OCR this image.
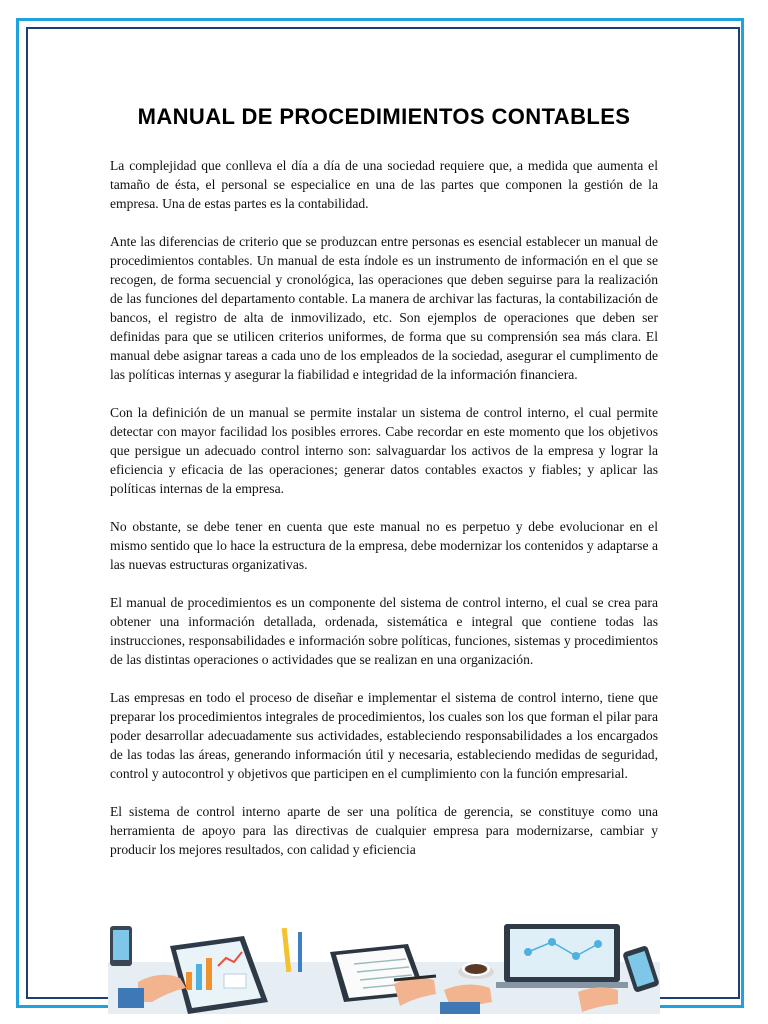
MANUAL DE PROCEDIMIENTOS CONTABLES

La complejidad que conlleva el día a día de una sociedad requiere que, a medida que aumenta el tamaño de ésta, el personal se especialice en una de las partes que componen la gestión de la empresa. Una de estas partes es la contabilidad.

Ante las diferencias de criterio que se produzcan entre personas es esencial establecer un manual de procedimientos contables. Un manual de esta índole es un instrumento de información en el que se recogen, de forma secuencial y cronológica, las operaciones que deben seguirse para la realización de las funciones del departamento contable. La manera de archivar las facturas, la contabilización de bancos, el registro de alta de inmovilizado, etc. Son ejemplos de operaciones que deben ser definidas para que se utilicen criterios uniformes, de forma que su comprensión sea más clara. El manual debe asignar tareas a cada uno de los empleados de la sociedad, asegurar el cumplimento de las políticas internas y asegurar la fiabilidad e integridad de la información financiera.

Con la definición de un manual se permite instalar un sistema de control interno, el cual permite detectar con mayor facilidad los posibles errores. Cabe recordar en este momento que los objetivos que persigue un adecuado control interno son: salvaguardar los activos de la empresa y lograr la eficiencia y eficacia de las operaciones; generar datos contables exactos y fiables; y aplicar las políticas internas de la empresa.

No obstante, se debe tener en cuenta que este manual no es perpetuo y debe evolucionar en el mismo sentido que lo hace la estructura de la empresa, debe modernizar los contenidos y adaptarse a las nuevas estructuras organizativas.

El manual de procedimientos es un componente del sistema de control interno, el cual se crea para obtener una información detallada, ordenada, sistemática e integral que contiene todas las instrucciones, responsabilidades e información sobre políticas, funciones, sistemas y procedimientos de las distintas operaciones o actividades que se realizan en una organización.

Las empresas en todo el proceso de diseñar e implementar el sistema de control interno, tiene que preparar los procedimientos integrales de procedimientos, los cuales son los que forman el pilar para poder desarrollar adecuadamente sus actividades, estableciendo responsabilidades a los encargados de las todas las áreas, generando información útil y necesaria, estableciendo medidas de seguridad, control y autocontrol y objetivos que participen en el cumplimiento con la función empresarial.

El sistema de control interno aparte de ser una política de gerencia, se constituye como una herramienta de apoyo para las directivas de cualquier empresa para modernizarse, cambiar y producir los mejores resultados, con calidad y eficiencia
